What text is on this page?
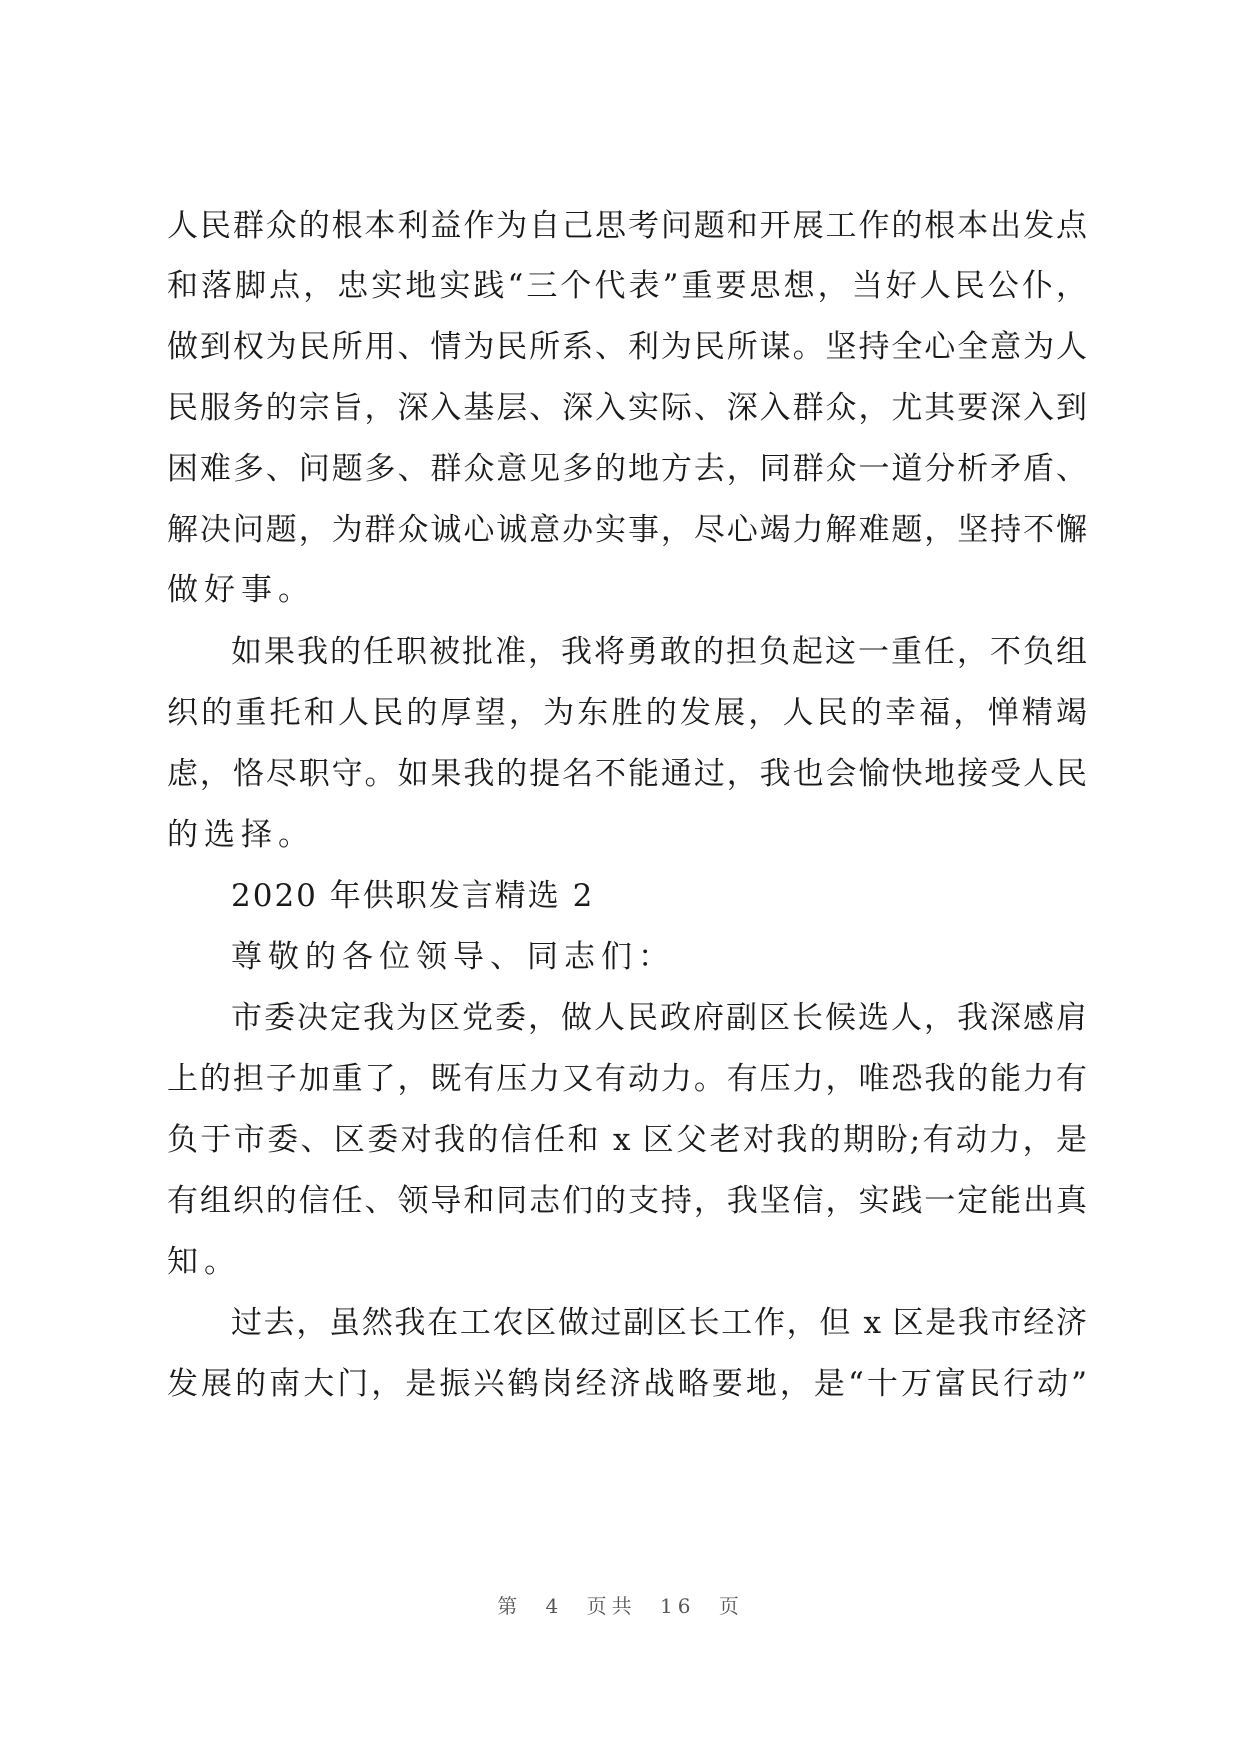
人民群众的根本利益作为自己思考问题和开展工作的根本出发点
和落脚点，忠实地实践“三个代表”重要思想，当好人民公仆，
做到权为民所用、情为民所系、利为民所谋。坚持全心全意为人
民服务的宗旨，深入基层、深入实际、深入群众，尤其要深入到
困难多、问题多、群众意见多的地方去，同群众一道分析矛盾、
解决问题，为群众诚心诚意办实事，尽心竭力解难题，坚持不懈
做好事。
如果我的任职被批准，我将勇敢的担负起这一重任，不负组
织的重托和人民的厚望，为东胜的发展，人民的幸福，惮精竭
虑，恪尽职守。如果我的提名不能通过，我也会愉快地接受人民
的选择。
2020 年供职发言精选 2
尊敬的各位领导、同志们：
市委决定我为区党委，做人民政府副区长候选人，我深感肩
上的担子加重了，既有压力又有动力。有压力，唯恐我的能力有
负于市委、区委对我的信任和 x 区父老对我的期盼;有动力，是
有组织的信任、领导和同志们的支持，我坚信，实践一定能出真
知。
过去，虽然我在工农区做过副区长工作，但 x 区是我市经济
发展的南大门，是振兴鹤岗经济战略要地，是“十万富民行动”
第 4 页共 16 页
